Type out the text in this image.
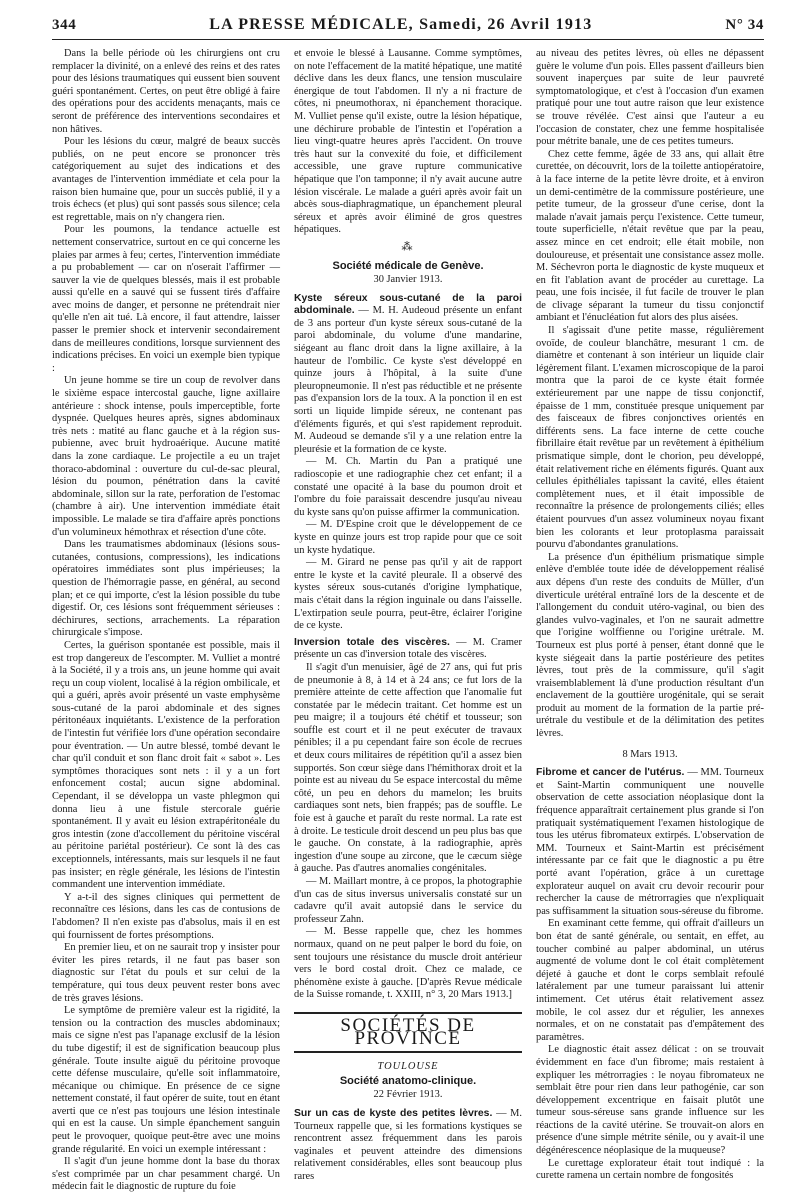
344	LA PRESSE MÉDICALE, Samedi, 26 Avril 1913	N° 34

Dans la belle période où les chirurgiens ont cru remplacer la divinité, on a enlevé des reins et des rates pour des lésions traumatiques qui eussent bien souvent guéri spontanément. Certes, on peut être obligé à faire des opérations pour des accidents menaçants, mais ce seront de préférence des interventions secondaires et non hâtives.

Pour les lésions du cœur, malgré de beaux succès publiés, on ne peut encore se prononcer très catégoriquement au sujet des indications et des avantages de l'intervention immédiate et cela pour la raison bien humaine que, pour un succès publié, il y a trois échecs (et plus) qui sont passés sous silence; cela est regrettable, mais on n'y changera rien.

Pour les poumons, la tendance actuelle est nettement conservatrice, surtout en ce qui concerne les plaies par armes à feu; certes, l'intervention immédiate a pu probablement — car on n'oserait l'affirmer — sauver la vie de quelques blessés, mais il est probable aussi qu'elle en a sauvé qui se fussent tirés d'affaire avec moins de danger, et personne ne prétendrait nier qu'elle n'en ait tué. Là encore, il faut attendre, laisser passer le premier shock et intervenir secondairement dans de meilleures conditions, lorsque surviennent des indications précises. En voici un exemple bien typique :

Un jeune homme se tire un coup de revolver dans le sixième espace intercostal gauche, ligne axillaire antérieure : shock intense, pouls imperceptible, forte dyspnée. Quelques heures après, signes abdominaux très nets : matité au flanc gauche et à la région sus-pubienne, avec bruit hydroaérique. Aucune matité dans la zone cardiaque. Le projectile a eu un trajet thoraco-abdominal : ouverture du cul-de-sac pleural, lésion du poumon, pénétration dans la cavité abdominale, sillon sur la rate, perforation de l'estomac (chambre à air). Une intervention immédiate était impossible. Le malade se tira d'affaire après ponctions d'un volumineux hémothrax et résection d'une côte.

Dans les traumatismes abdominaux (lésions sous-cutanées, contusions, compressions), les indications opératoires immédiates sont plus impérieuses; la question de l'hémorragie passe, en général, au second plan; et ce qui importe, c'est la lésion possible du tube digestif. Or, ces lésions sont fréquemment sérieuses : déchirures, sections, arrachements. La réparation chirurgicale s'impose.

Certes, la guérison spontanée est possible, mais il est trop dangereux de l'escompter. M. Vulliet a montré à la Société, il y a trois ans, un jeune homme qui avait reçu un coup violent, localisé à la région ombilicale, et qui a guéri, après avoir présenté un vaste emphysème sous-cutané de la paroi abdominale et des signes péritonéaux inquiétants. L'existence de la perforation de l'intestin fut vérifiée lors d'une opération secondaire pour éventration. — Un autre blessé, tombé devant le char qu'il conduit et son flanc droit fait « sabot ». Les symptômes thoraciques sont nets : il y a un fort enfoncement costal; aucun signe abdominal. Cependant, il se développa un vaste phlegmon qui donna lieu à une fistule stercorale guérie spontanément. Il y avait eu lésion extrapéritonéale du gros intestin (zone d'accollement du péritoine viscéral au péritoine pariétal postérieur). Ce sont là des cas exceptionnels, intéressants, mais sur lesquels il ne faut pas insister; en règle générale, les lésions de l'intestin commandent une intervention immédiate.

Y a-t-il des signes cliniques qui permettent de reconnaître ces lésions, dans les cas de contusions de l'abdomen? Il n'en existe pas d'absolus, mais il en est qui fournissent de fortes présomptions.

En premier lieu, et on ne saurait trop y insister pour éviter les pires retards, il ne faut pas baser son diagnostic sur l'état du pouls et sur celui de la température, qui tous deux peuvent rester bons avec de très graves lésions.

Le symptôme de première valeur est la rigidité, la tension ou la contraction des muscles abdominaux; mais ce signe n'est pas l'apanage exclusif de la lésion du tube digestif; il est de signification beaucoup plus générale. Toute insulte aiguë du péritoine provoque cette défense musculaire, qu'elle soit inflammatoire, mécanique ou chimique. En présence de ce signe nettement constaté, il faut opérer de suite, tout en étant averti que ce n'est pas toujours une lésion intestinale qui en est la cause. Un simple épanchement sanguin peut le provoquer, quoique peut-être avec une moins grande régularité. En voici un exemple intéressant :

Il s'agit d'un jeune homme dont la base du thorax s'est comprimée par un char pesamment chargé. Un médecin fait le diagnostic de rupture du foie

et envoie le blessé à Lausanne. Comme symptômes, on note l'effacement de la matité hépatique, une matité déclive dans les deux flancs, une tension musculaire énergique de tout l'abdomen. Il n'y a ni fracture de côtes, ni pneumothorax, ni épanchement thoracique. M. Vulliet pense qu'il existe, outre la lésion hépatique, une déchirure probable de l'intestin et l'opération a lieu vingt-quatre heures après l'accident. On trouve très haut sur la convexité du foie, et difficilement accessible, une grave rupture communicative hépatique que l'on tamponne; il n'y avait aucune autre lésion viscérale. Le malade a guéri après avoir fait un abcès sous-diaphragmatique, un épanchement pleural séreux et après avoir éliminé de gros questres hépatiques.

⁂
Société médicale de Genève.
30 Janvier 1913.

Kyste séreux sous-cutané de la paroi abdominale. — M. H. Audeoud présente un enfant de 3 ans porteur d'un kyste séreux sous-cutané de la paroi abdominale, du volume d'une mandarine, siégeant au flanc droit dans la ligne axillaire, à la hauteur de l'ombilic. Ce kyste s'est développé en quinze jours à l'hôpital, à la suite d'une pleuropneumonie. Il n'est pas réductible et ne présente pas d'expansion lors de la toux. A la ponction il en est sorti un liquide limpide séreux, ne contenant pas d'éléments figurés, et qui s'est rapidement reproduit. M. Audeoud se demande s'il y a une relation entre la pleurésie et la formation de ce kyste.

— M. Ch. Martin du Pan a pratiqué une radioscopie et une radiographie chez cet enfant; il a constaté une opacité à la base du poumon droit et l'ombre du foie paraissait descendre jusqu'au niveau du kyste sans qu'on puisse affirmer la communication.

— M. D'Espine croit que le développement de ce kyste en quinze jours est trop rapide pour que ce soit un kyste hydatique.

— M. Girard ne pense pas qu'il y ait de rapport entre le kyste et la cavité pleurale. Il a observé des kystes séreux sous-cutanés d'origine lymphatique, mais c'était dans la région inguinale ou dans l'aisselle. L'extirpation seule pourra, peut-être, éclairer l'origine de ce kyste.

Inversion totale des viscères. — M. Cramer présente un cas d'inversion totale des viscères.

Il s'agit d'un menuisier, âgé de 27 ans, qui fut pris de pneumonie à 8, à 14 et à 24 ans; ce fut lors de la première atteinte de cette affection que l'anomalie fut constatée par le médecin traitant. Cet homme est un peu maigre; il a toujours été chétif et tousseur; son souffle est court et il ne peut exécuter de travaux pénibles; il a pu cependant faire son école de recrues et deux cours militaires de répétition qu'il a assez bien supportés. Son cœur siège dans l'hémithorax droit et la pointe est au niveau du 5e espace intercostal du même côté, un peu en dehors du mamelon; les bruits cardiaques sont nets, bien frappés; pas de souffle. Le foie est à gauche et paraît du reste normal. La rate est à droite. Le testicule droit descend un peu plus bas que le gauche. On constate, à la radiographie, après ingestion d'une soupe au zircone, que le cæcum siège à gauche. Pas d'autres anomalies congénitales.

— M. Maillart montre, à ce propos, la photographie d'un cas de situs inversus universalis constaté sur un cadavre qu'il avait autopsié dans le service du professeur Zahn.

— M. Besse rappelle que, chez les hommes normaux, quand on ne peut palper le bord du foie, on sent toujours une résistance du muscle droit antérieur vers le bord costal droit. Chez ce malade, ce phénomène existe à gauche. [D'après Revue médicale de la Suisse romande, t. XXIII, n° 3, 20 Mars 1913.]

SOCIÉTÉS DE PROVINCE
TOULOUSE
Société anatomo-clinique.
22 Février 1913.

Sur un cas de kyste des petites lèvres. — M. Tourneux rappelle que, si les formations kystiques se rencontrent assez fréquemment dans les parois vaginales et peuvent atteindre des dimensions relativement considérables, elles sont beaucoup plus rares

au niveau des petites lèvres, où elles ne dépassent guère le volume d'un pois. Elles passent d'ailleurs bien souvent inaperçues par suite de leur pauvreté symptomatologique, et c'est à l'occasion d'un examen pratiqué pour une tout autre raison que leur existence se trouve révélée. C'est ainsi que l'auteur a eu l'occasion de constater, chez une femme hospitalisée pour métrite banale, une de ces petites tumeurs.

Chez cette femme, âgée de 33 ans, qui allait être curettée, on découvrit, lors de la toilette antiopératoire, à la face interne de la petite lèvre droite, et à environ un demi-centimètre de la commissure postérieure, une petite tumeur, de la grosseur d'une cerise, dont la malade n'avait jamais perçu l'existence. Cette tumeur, toute superficielle, n'était revêtue que par la peau, assez mince en cet endroit; elle était mobile, non douloureuse, et présentait une consistance assez molle. M. Séchevron porta le diagnostic de kyste muqueux et en fit l'ablation avant de procéder au curettage. La peau, une fois incisée, il fut facile de trouver le plan de clivage séparant la tumeur du tissu conjonctif ambiant et l'énucléation fut alors des plus aisées.

Il s'agissait d'une petite masse, régulièrement ovoïde, de couleur blanchâtre, mesurant 1 cm. de diamètre et contenant à son intérieur un liquide clair légèrement filant. L'examen microscopique de la paroi montra que la paroi de ce kyste était formée extérieurement par une nappe de tissu conjonctif, épaisse de 1 mm, constituée presque uniquement par des faisceaux de fibres conjonctives orientés en différents sens. La face interne de cette couche fibrillaire était revêtue par un revêtement à épithélium prismatique simple, dont le chorion, peu développé, était relativement riche en éléments figurés. Quant aux cellules épithéliales tapissant la cavité, elles étaient complètement nues, et il était impossible de reconnaître la présence de prolongements ciliés; elles étaient pourvues d'un assez volumineux noyau fixant bien les colorants et leur protoplasma paraissait pourvu d'abondantes granulations.

La présence d'un épithélium prismatique simple enlève d'emblée toute idée de développement réalisé aux dépens d'un reste des conduits de Müller, d'un diverticule urétéral entraîné lors de la descente et de l'allongement du conduit utéro-vaginal, ou bien des glandes vulvo-vaginales, et l'on ne saurait admettre que l'origine wolffienne ou l'origine urétrale. M. Tourneux est plus porté à penser, étant donné que le kyste siégeait dans la partie postérieure des petites lèvres, tout près de la commissure, qu'il s'agit vraisemblablement là d'une production résultant d'un enclavement de la gouttière urogénitale, qui se serait produit au moment de la formation de la partie pré-urétrale du vestibule et de la délimitation des petites lèvres.

8 Mars 1913.

Fibrome et cancer de l'utérus. — MM. Tourneux et Saint-Martin communiquent une nouvelle observation de cette association néoplasique dont la fréquence apparaîtrait certainement plus grande si l'on pratiquait systématiquement l'examen histologique de tous les utérus fibromateux extirpés. L'observation de MM. Tourneux et Saint-Martin est précisément intéressante par ce fait que le diagnostic a pu être porté avant l'opération, grâce à un curettage explorateur auquel on avait cru devoir recourir pour rechercher la cause de métrorragies que n'expliquait pas suffisamment la situation sous-séreuse du fibrome.

En examinant cette femme, qui offrait d'ailleurs un bon état de santé générale, ou sentait, en effet, au toucher combiné au palper abdominal, un utérus augmenté de volume dont le col était complètement déjeté à gauche et dont le corps semblait refoulé latéralement par une tumeur paraissant lui attenir intimement. Cet utérus était relativement assez mobile, le col assez dur et régulier, les annexes normales, et on ne constatait pas d'empâtement des paramètres.

Le diagnostic était assez délicat : on se trouvait évidemment en face d'un fibrome; mais restaient à expliquer les métrorragies : le noyau fibromateux ne semblait être pour rien dans leur pathogénie, car son développement excentrique en faisait plutôt une tumeur sous-séreuse sans grande influence sur les réactions de la cavité utérine. Se trouvait-on alors en présence d'une simple métrite sénile, ou y avait-il une dégénérescence néoplasique de la muqueuse?

Le curettage explorateur était tout indiqué : la curette ramena un certain nombre de fongosités
